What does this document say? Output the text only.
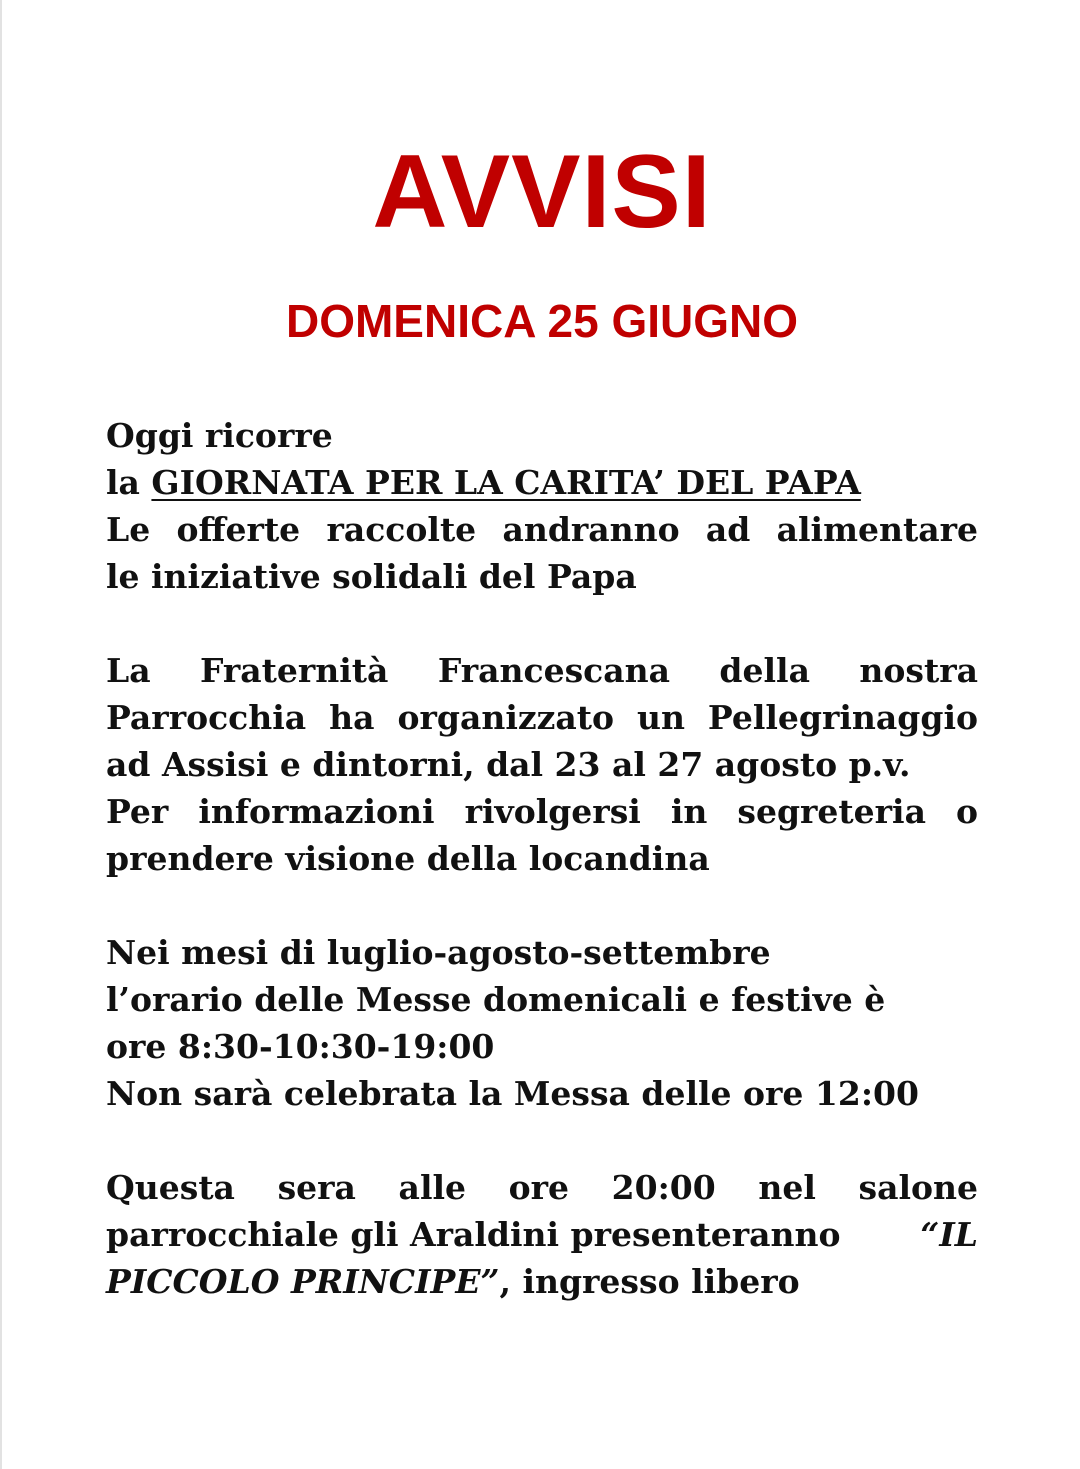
AVVISI
DOMENICA 25 GIUGNO
Oggi ricorre
la GIORNATA PER LA CARITA’ DEL PAPA
Le offerte raccolte andranno ad alimentare
le iniziative solidali del Papa
La Fraternità Francescana della nostra
Parrocchia ha organizzato un Pellegrinaggio
ad Assisi e dintorni, dal 23 al 27 agosto p.v.
Per informazioni rivolgersi in segreteria o
prendere visione della locandina
Nei mesi di luglio-agosto-settembre
l’orario delle Messe domenicali e festive è
ore 8:30-10:30-19:00
Non sarà celebrata la Messa delle ore 12:00
Questa sera alle ore 20:00 nel salone
parrocchiale gli Araldini presenteranno “IL
PICCOLO PRINCIPE”, ingresso libero
